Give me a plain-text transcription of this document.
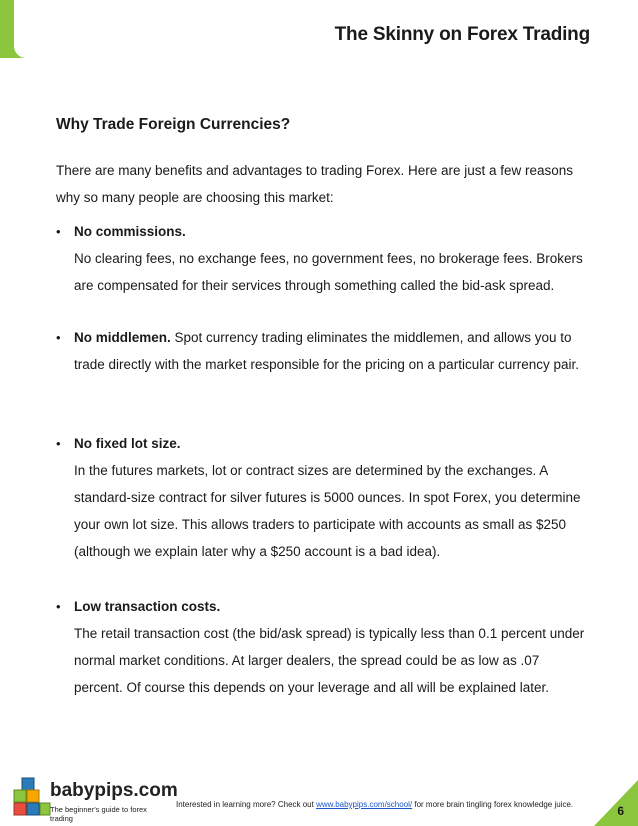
The Skinny on Forex Trading
Why Trade Foreign Currencies?
There are many benefits and advantages to trading Forex. Here are just a few reasons why so many people are choosing this market:
• No commissions.
No clearing fees, no exchange fees, no government fees, no brokerage fees. Brokers are compensated for their services through something called the bid-ask spread.
• No middlemen. Spot currency trading eliminates the middlemen, and allows you to trade directly with the market responsible for the pricing on a particular currency pair.
• No fixed lot size.
In the futures markets, lot or contract sizes are determined by the exchanges. A standard-size contract for silver futures is 5000 ounces. In spot Forex, you determine your own lot size. This allows traders to participate with accounts as small as $250 (although we explain later why a $250 account is a bad idea).
• Low transaction costs.
The retail transaction cost (the bid/ask spread) is typically less than 0.1 percent under normal market conditions. At larger dealers, the spread could be as low as .07 percent. Of course this depends on your leverage and all will be explained later.
babypips.com
The beginner's guide to forex trading
Interested in learning more? Check out www.babypips.com/school/ for more brain tingling forex knowledge juice.	6
